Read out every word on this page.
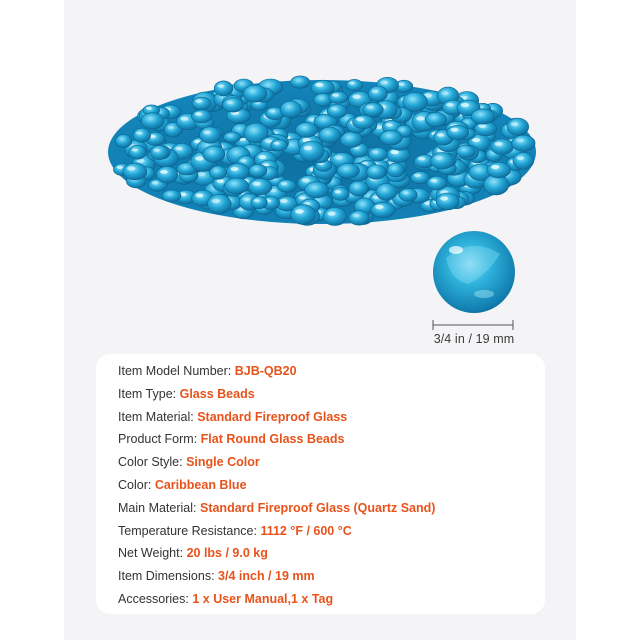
3/4 in / 19 mm
Item Model Number: BJB-QB20
Item Type: Glass Beads
Item Material: Standard Fireproof Glass
Product Form: Flat Round Glass Beads
Color Style: Single Color
Color: Caribbean Blue
Main Material: Standard Fireproof Glass (Quartz Sand)
Temperature Resistance: 1112 °F / 600 °C
Net Weight: 20 lbs / 9.0 kg
Item Dimensions: 3/4 inch / 19 mm
Accessories: 1 x User Manual,1 x Tag
